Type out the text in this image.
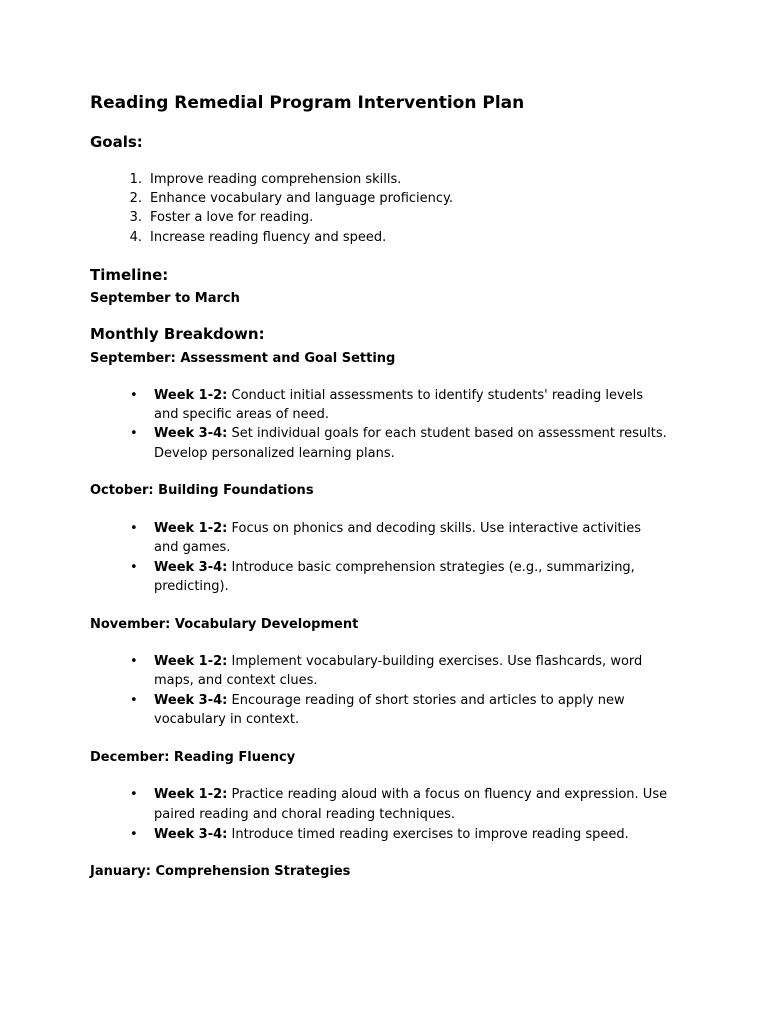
Reading Remedial Program Intervention Plan
Goals:
1. Improve reading comprehension skills.
2. Enhance vocabulary and language proficiency.
3. Foster a love for reading.
4. Increase reading fluency and speed.
Timeline:
September to March
Monthly Breakdown:
September: Assessment and Goal Setting
• Week 1-2: Conduct initial assessments to identify students' reading levels
and specific areas of need.
• Week 3-4: Set individual goals for each student based on assessment results.
Develop personalized learning plans.
October: Building Foundations
• Week 1-2: Focus on phonics and decoding skills. Use interactive activities
and games.
• Week 3-4: Introduce basic comprehension strategies (e.g., summarizing,
predicting).
November: Vocabulary Development
• Week 1-2: Implement vocabulary-building exercises. Use flashcards, word
maps, and context clues.
• Week 3-4: Encourage reading of short stories and articles to apply new
vocabulary in context.
December: Reading Fluency
• Week 1-2: Practice reading aloud with a focus on fluency and expression. Use
paired reading and choral reading techniques.
• Week 3-4: Introduce timed reading exercises to improve reading speed.
January: Comprehension Strategies
